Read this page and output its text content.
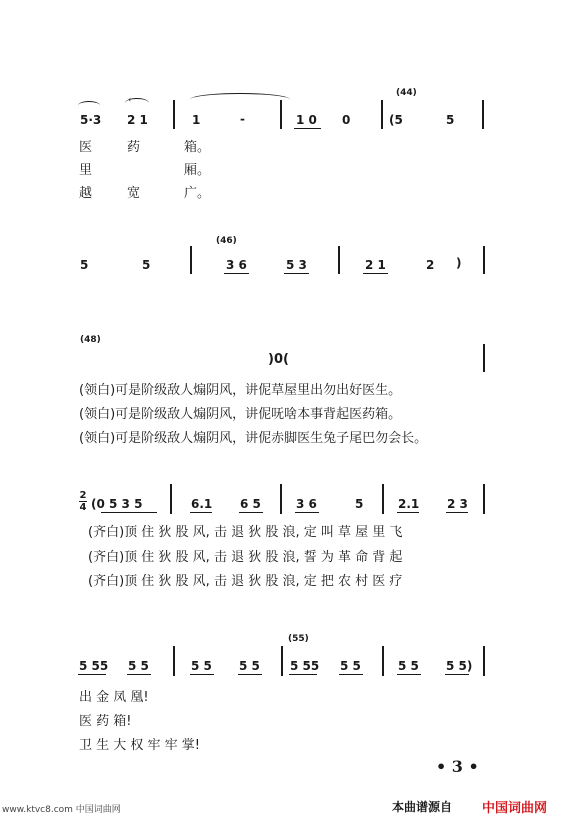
(44)
‹
5·3 2 1	1	-	1 0 0	(5	5
医	药	箱。
里	厢。
越	宽	广。
(46)
5	5	3 6	5 3	2 1	2 )
(48)
)0(
(领白)可是阶级敌人煽阴风，讲伲草屋里出勿出好医生。
(领白)可是阶级敌人煽阴风，讲伲呒啥本事背起医药箱。
(领白)可是阶级敌人煽阴风，讲伲赤脚医生兔子尾巴勿会长。
2
4 (0 5 3 5	6.1 6 5	3 6	5	2.1 2 3
(齐白)顶 住 狄 股 风, 击 退 狄 股 浪, 定 叫 草 屋 里 飞
(齐白)顶 住 狄 股 风, 击 退 狄 股 浪, 誓 为 革 命 背 起
(齐白)顶 住 狄 股 风, 击 退 狄 股 浪, 定 把 农 村 医 疗
(55)
5 55 5 5	5 5 5 5	5 55 5 5	5 5 5 5)
出 金 凤 凰!
医 药 箱!
卫 生 大 权 牢 牢 掌!
• 3 •
www.ktvc8.com 中国词曲网	本曲谱源自 中国词曲网
